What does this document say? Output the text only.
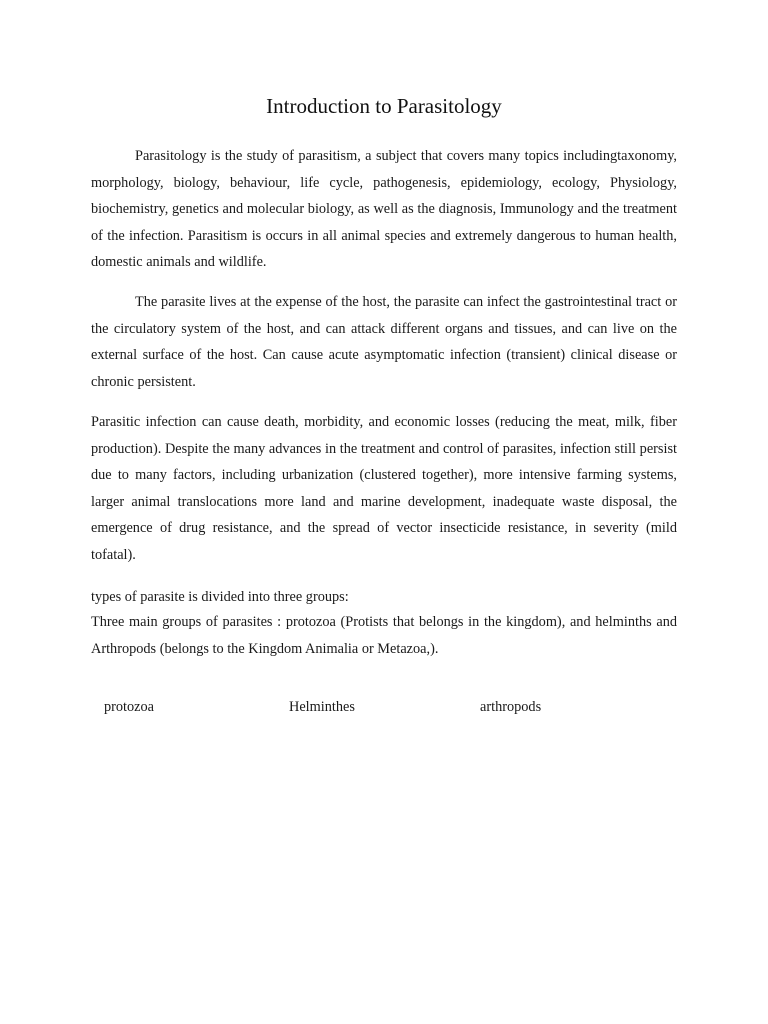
Introduction to Parasitology

Parasitology is the study of parasitism, a subject that covers many topics includingtaxonomy, morphology, biology, behaviour, life cycle, pathogenesis, epidemiology, ecology, Physiology, biochemistry, genetics and molecular biology, as well as the diagnosis, Immunology and the treatment of the infection. Parasitism is occurs in all animal species and extremely dangerous to human health, domestic animals and wildlife.

The parasite lives at the expense of the host, the parasite can infect the gastrointestinal tract or the circulatory system of the host, and can attack different organs and tissues, and can live on the external surface of the host. Can cause acute asymptomatic infection (transient) clinical disease or chronic persistent.

Parasitic infection can cause death, morbidity, and economic losses (reducing the meat, milk, fiber production). Despite the many advances in the treatment and control of parasites, infection still persist due to many factors, including urbanization (clustered together), more intensive farming systems, larger animal translocations more land and marine development, inadequate waste disposal, the emergence of drug resistance, and the spread of vector insecticide resistance, in severity (mild tofatal).

types of parasite is divided into three groups:

Three main groups of parasites : protozoa (Protists that belongs in the kingdom), and helminths and Arthropods (belongs to the Kingdom Animalia or Metazoa,).

protozoa	Helminthes	arthropods
